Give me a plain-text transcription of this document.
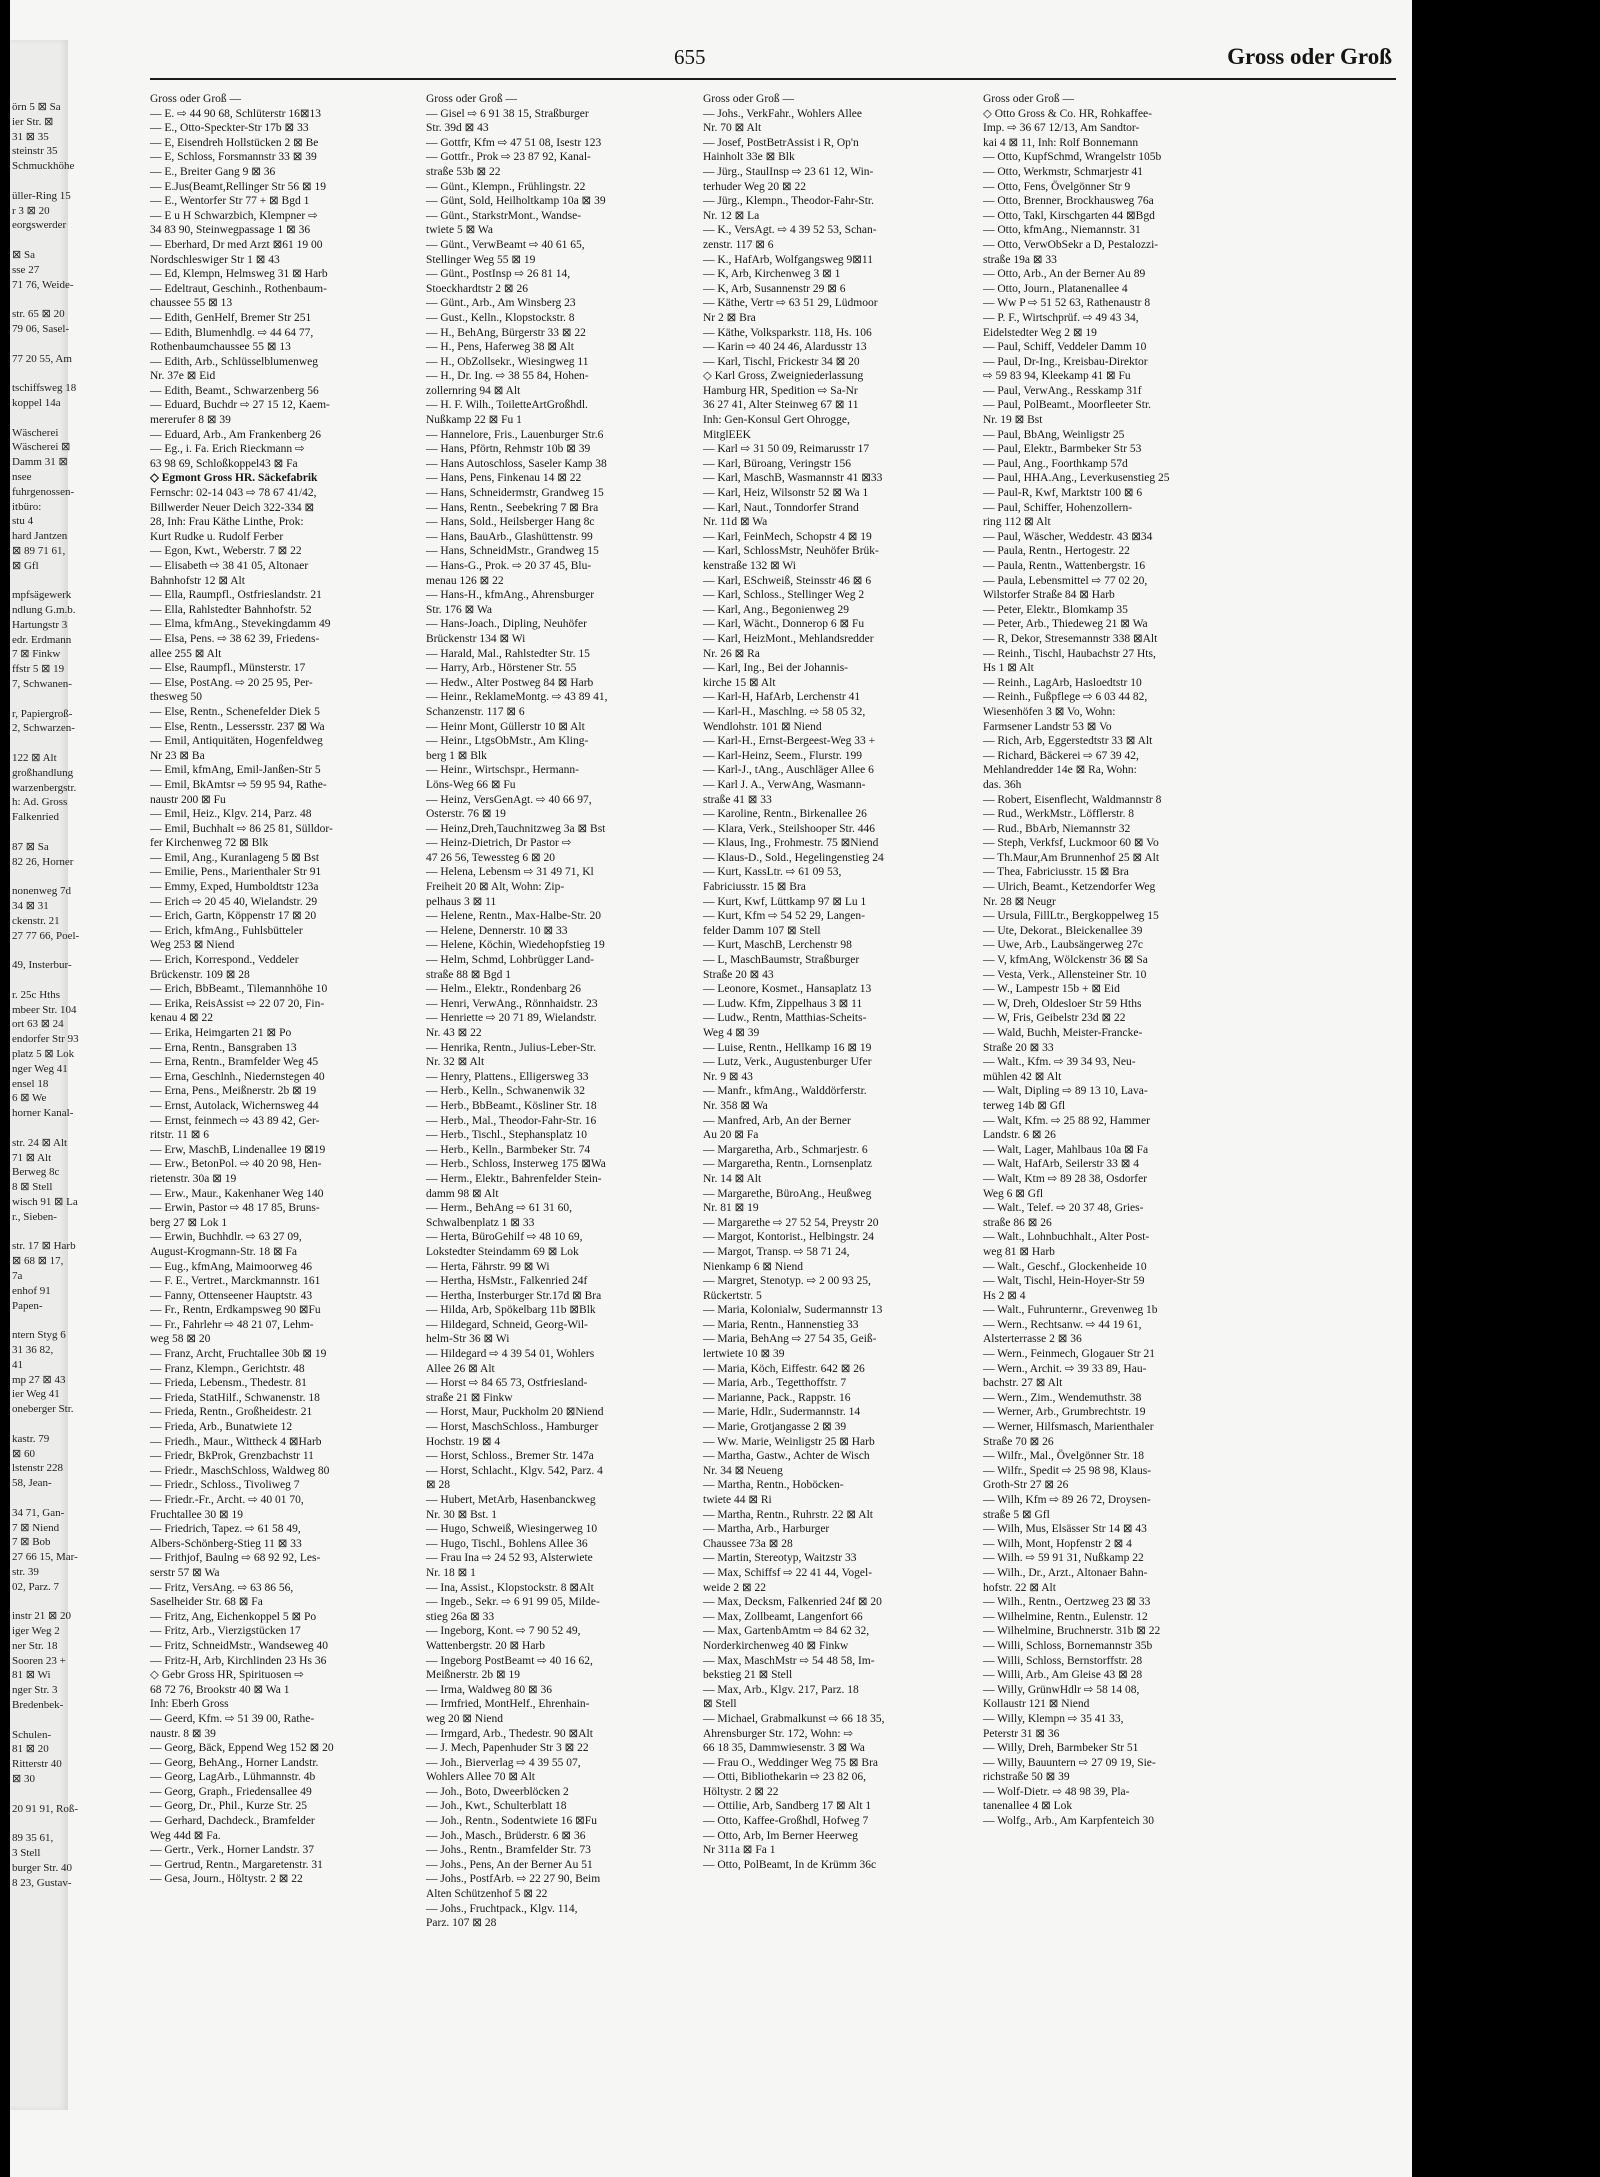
örn 5 ⊠ Sa
ier Str. ⊠
31 ⊠ 35
steinstr 35
Schmuckhöhe
üller-Ring 15
r 3 ⊠ 20
eorgswerder
⊠ Sa
sse 27
71 76, Weide-
str. 65 ⊠ 20
79 06, Sasel-
77 20 55, Am
tschiffsweg 18
koppel 14a
Wäscherei
Wäscherei ⊠
Damm 31 ⊠
nsee
fuhrgenossen-
itbüro:
stu 4
hard Jantzen
⊠ 89 71 61,
⊠ Gfl
mpfsägewerk
ndlung G.m.b.
Hartungstr 3
edr. Erdmann
7 ⊠ Finkw
ffstr 5 ⊠ 19
7, Schwanen-
r, Papiergroß-
2, Schwarzen-
122 ⊠ Alt
großhandlung
warzenbergstr.
h: Ad. Gross
Falkenried
87 ⊠ Sa
82 26, Horner
nonenweg 7d
34 ⊠ 31
ckenstr. 21
27 77 66, Poel-
49, Insterbur-
r. 25c Hths
mbeer Str. 104
ort 63 ⊠ 24
endorfer Str 93
platz 5 ⊠ Lok
nger Weg 41
ensel 18
6 ⊠ We
horner Kanal-
str. 24 ⊠ Alt
71 ⊠ Alt
Berweg 8c
8 ⊠ Stell
wisch 91 ⊠ La
r., Sieben-
str. 17 ⊠ Harb
⊠ 68 ⊠ 17,
7a
enhof 91
Papen-
ntern Styg 6
31 36 82,
41
mp 27 ⊠ 43
ier Weg 41
oneberger Str.
kastr. 79
⊠ 60
lstenstr 228
58, Jean-
34 71, Gan-
7 ⊠ Niend
7 ⊠ Bob
27 66 15, Mar-
str. 39
02, Parz. 7
instr 21 ⊠ 20
iger Weg 2
ner Str. 18
Sooren 23 +
81 ⊠ Wi
nger Str. 3
Bredenbek-
Schulen-
81 ⊠ 20
Ritterstr 40
⊠ 30
20 91 91, Roß-
89 35 61,
3 Stell
burger Str. 40
8 23, Gustav-
655	Gross oder Groß
Gross oder Groß —
— E. ⇨ 44 90 68, Schlüterstr 16⊠13
— E., Otto-Speckter-Str 17b ⊠ 33
— E, Eisendreh Hollstücken 2 ⊠ Be
— E, Schloss, Forsmannstr 33 ⊠ 39
— E., Breiter Gang 9 ⊠ 36
— E.Jus(Beamt,Rellinger Str 56 ⊠ 19
— E., Wentorfer Str 77 + ⊠ Bgd 1
— E u H Schwarzbich, Klempner ⇨
34 83 90, Steinwegpassage 1 ⊠ 36
— Eberhard, Dr med Arzt ⊠61 19 00
Nordschleswiger Str 1 ⊠ 43
— Ed, Klempn, Helmsweg 31 ⊠ Harb
— Edeltraut, Geschinh., Rothenbaum-
chaussee 55 ⊠ 13
— Edith, GenHelf, Bremer Str 251
— Edith, Blumenhdlg. ⇨ 44 64 77,
Rothenbaumchaussee 55 ⊠ 13
— Edith, Arb., Schlüsselblumenweg
Nr. 37e ⊠ Eid
— Edith, Beamt., Schwarzenberg 56
— Eduard, Buchdr ⇨ 27 15 12, Kaem-
mererufer 8 ⊠ 39
— Eduard, Arb., Am Frankenberg 26
— Eg., i. Fa. Erich Rieckmann ⇨
63 98 69, Schloßkoppel43 ⊠ Fa
◇ Egmont Gross HR. Säckefabrik
Fernschr: 02-14 043 ⇨ 78 67 41/42,
Billwerder Neuer Deich 322-334 ⊠
28, Inh: Frau Käthe Linthe, Prok:
Kurt Rudke u. Rudolf Ferber
— Egon, Kwt., Weberstr. 7 ⊠ 22
— Elisabeth ⇨ 38 41 05, Altonaer
Bahnhofstr 12 ⊠ Alt
— Ella, Raumpfl., Ostfrieslandstr. 21
— Ella, Rahlstedter Bahnhofstr. 52
— Elma, kfmAng., Stevekingdamm 49
— Elsa, Pens. ⇨ 38 62 39, Friedens-
allee 255 ⊠ Alt
— Else, Raumpfl., Münsterstr. 17
— Else, PostAng. ⇨ 20 25 95, Per-
thesweg 50
— Else, Rentn., Schenefelder Diek 5
— Else, Rentn., Lessersstr. 237 ⊠ Wa
— Emil, Antiquitäten, Hogenfeldweg
Nr 23 ⊠ Ba
— Emil, kfmAng, Emil-Janßen-Str 5
— Emil, BkAmtsr ⇨ 59 95 94, Rathe-
naustr 200 ⊠ Fu
— Emil, Heiz., Klgv. 214, Parz. 48
— Emil, Buchhalt ⇨ 86 25 81, Sülldor-
fer Kirchenweg 72 ⊠ Blk
— Emil, Ang., Kuranlageng 5 ⊠ Bst
— Emilie, Pens., Marienthaler Str 91
— Emmy, Exped, Humboldtstr 123a
— Erich ⇨ 20 45 40, Wielandstr. 29
— Erich, Gartn, Köppenstr 17 ⊠ 20
— Erich, kfmAng., Fuhlsbütteler
Weg 253 ⊠ Niend
— Erich, Korrespond., Veddeler
Brückenstr. 109 ⊠ 28
— Erich, BbBeamt., Tilemannhöhe 10
— Erika, ReisAssist ⇨ 22 07 20, Fin-
kenau 4 ⊠ 22
— Erika, Heimgarten 21 ⊠ Po
— Erna, Rentn., Bansgraben 13
— Erna, Rentn., Bramfelder Weg 45
— Erna, Geschlnh., Niedernstegen 40
— Erna, Pens., Meißnerstr. 2b ⊠ 19
— Ernst, Autolack, Wichernsweg 44
— Ernst, feinmech ⇨ 43 89 42, Ger-
ritstr. 11 ⊠ 6
— Erw, MaschB, Lindenallee 19 ⊠19
— Erw., BetonPol. ⇨ 40 20 98, Hen-
rietenstr. 30a ⊠ 19
— Erw., Maur., Kakenhaner Weg 140
— Erwin, Pastor ⇨ 48 17 85, Bruns-
berg 27 ⊠ Lok 1
— Erwin, Buchhdlr. ⇨ 63 27 09,
August-Krogmann-Str. 18 ⊠ Fa
— Eug., kfmAng, Maimoorweg 46
— F. E., Vertret., Marckmannstr. 161
— Fanny, Ottenseener Hauptstr. 43
— Fr., Rentn, Erdkampsweg 90 ⊠Fu
— Fr., Fahrlehr ⇨ 48 21 07, Lehm-
weg 58 ⊠ 20
— Franz, Archt, Fruchtallee 30b ⊠ 19
— Franz, Klempn., Gerichtstr. 48
— Frieda, Lebensm., Thedestr. 81
— Frieda, StatHilf., Schwanenstr. 18
— Frieda, Rentn., Großheidestr. 21
— Frieda, Arb., Bunatwiete 12
— Friedh., Maur., Wittheck 4 ⊠Harb
— Friedr, BkProk, Grenzbachstr 11
— Friedr., MaschSchloss, Waldweg 80
— Friedr., Schloss., Tivoliweg 7
— Friedr.-Fr., Archt. ⇨ 40 01 70,
Fruchtallee 30 ⊠ 19
— Friedrich, Tapez. ⇨ 61 58 49,
Albers-Schönberg-Stieg 11 ⊠ 33
— Frithjof, Baulng ⇨ 68 92 92, Les-
serstr 57 ⊠ Wa
— Fritz, VersAng. ⇨ 63 86 56,
Saselheider Str. 68 ⊠ Fa
— Fritz, Ang, Eichenkoppel 5 ⊠ Po
— Fritz, Arb., Vierzigstücken 17
— Fritz, SchneidMstr., Wandseweg 40
— Fritz-H, Arb, Kirchlinden 23 Hs 36
◇ Gebr Gross HR, Spirituosen ⇨
68 72 76, Brookstr 40 ⊠ Wa 1
Inh: Eberh Gross
— Geerd, Kfm. ⇨ 51 39 00, Rathe-
naustr. 8 ⊠ 39
— Georg, Bäck, Eppend Weg 152 ⊠ 20
— Georg, BehAng., Horner Landstr.
— Georg, LagArb., Lühmannstr. 4b
— Georg, Graph., Friedensallee 49
— Georg, Dr., Phil., Kurze Str. 25
— Gerhard, Dachdeck., Bramfelder
Weg 44d ⊠ Fa.
— Gertr., Verk., Horner Landstr. 37
— Gertrud, Rentn., Margaretenstr. 31
— Gesa, Journ., Höltystr. 2 ⊠ 22
Gross oder Groß —
— Gisel ⇨ 6 91 38 15, Straßburger
Str. 39d ⊠ 43
— Gottfr, Kfm ⇨ 47 51 08, Isestr 123
— Gottfr., Prok ⇨ 23 87 92, Kanal-
straße 53b ⊠ 22
— Günt., Klempn., Frühlingstr. 22
— Günt, Sold, Heilholtkamp 10a ⊠ 39
— Günt., StarkstrMont., Wandse-
twiete 5 ⊠ Wa
— Günt., VerwBeamt ⇨ 40 61 65,
Stellinger Weg 55 ⊠ 19
— Günt., PostInsp ⇨ 26 81 14,
Stoeckhardtstr 2 ⊠ 26
— Günt., Arb., Am Winsberg 23
— Gust., Kelln., Klopstockstr. 8
— H., BehAng, Bürgerstr 33 ⊠ 22
— H., Pens, Haferweg 38 ⊠ Alt
— H., ObZollsekr., Wiesingweg 11
— H., Dr. Ing. ⇨ 38 55 84, Hohen-
zollernring 94 ⊠ Alt
— H. F. Wilh., ToiletteArtGroßhdl.
Nußkamp 22 ⊠ Fu 1
— Hannelore, Fris., Lauenburger Str.6
— Hans, Pförtn, Rehmstr 10b ⊠ 39
— Hans Autoschloss, Saseler Kamp 38
— Hans, Pens, Finkenau 14 ⊠ 22
— Hans, Schneidermstr, Grandweg 15
— Hans, Rentn., Seebekring 7 ⊠ Bra
— Hans, Sold., Heilsberger Hang 8c
— Hans, BauArb., Glashüttenstr. 99
— Hans, SchneidMstr., Grandweg 15
— Hans-G., Prok. ⇨ 20 37 45, Blu-
menau 126 ⊠ 22
— Hans-H., kfmAng., Ahrensburger
Str. 176 ⊠ Wa
— Hans-Joach., Dipling, Neuhöfer
Brückenstr 134 ⊠ Wi
— Harald, Mal., Rahlstedter Str. 15
— Harry, Arb., Hörstener Str. 55
— Hedw., Alter Postweg 84 ⊠ Harb
— Heinr., ReklameMontg. ⇨ 43 89 41,
Schanzenstr. 117 ⊠ 6
— Heinr Mont, Güllerstr 10 ⊠ Alt
— Heinr., LtgsObMstr., Am Kling-
berg 1 ⊠ Blk
— Heinr., Wirtschspr., Hermann-
Löns-Weg 66 ⊠ Fu
— Heinz, VersGenAgt. ⇨ 40 66 97,
Osterstr. 76 ⊠ 19
— Heinz,Dreh,Tauchnitzweg 3a ⊠ Bst
— Heinz-Dietrich, Dr Pastor ⇨
47 26 56, Tewessteg 6 ⊠ 20
— Helena, Lebensm ⇨ 31 49 71, Kl
Freiheit 20 ⊠ Alt, Wohn: Zip-
pelhaus 3 ⊠ 11
— Helene, Rentn., Max-Halbe-Str. 20
— Helene, Dennerstr. 10 ⊠ 33
— Helene, Köchin, Wiedehopfstieg 19
— Helm, Schmd, Lohbrügger Land-
straße 88 ⊠ Bgd 1
— Helm., Elektr., Rondenbarg 26
— Henri, VerwAng., Rönnhaidstr. 23
— Henriette ⇨ 20 71 89, Wielandstr.
Nr. 43 ⊠ 22
— Henrika, Rentn., Julius-Leber-Str.
Nr. 32 ⊠ Alt
— Henry, Plattens., Elligersweg 33
— Herb., Kelln., Schwanenwik 32
— Herb., BbBeamt., Kösliner Str. 18
— Herb., Mal., Theodor-Fahr-Str. 16
— Herb., Tischl., Stephansplatz 10
— Herb., Kelln., Barmbeker Str. 74
— Herb., Schloss, Insterweg 175 ⊠Wa
— Herm., Elektr., Bahrenfelder Stein-
damm 98 ⊠ Alt
— Herm., BehAng ⇨ 61 31 60,
Schwalbenplatz 1 ⊠ 33
— Herta, BüroGehilf ⇨ 48 10 69,
Lokstedter Steindamm 69 ⊠ Lok
— Herta, Fährstr. 99 ⊠ Wi
— Hertha, HsMstr., Falkenried 24f
— Hertha, Insterburger Str.17d ⊠ Bra
— Hilda, Arb, Spökelbarg 11b ⊠Blk
— Hildegard, Schneid, Georg-Wil-
helm-Str 36 ⊠ Wi
— Hildegard ⇨ 4 39 54 01, Wohlers
Allee 26 ⊠ Alt
— Horst ⇨ 84 65 73, Ostfriesland-
straße 21 ⊠ Finkw
— Horst, Maur, Puckholm 20 ⊠Niend
— Horst, MaschSchloss., Hamburger
Hochstr. 19 ⊠ 4
— Horst, Schloss., Bremer Str. 147a
— Horst, Schlacht., Klgv. 542, Parz. 4
⊠ 28
— Hubert, MetArb, Hasenbanckweg
Nr. 30 ⊠ Bst. 1
— Hugo, Schweiß, Wiesingerweg 10
— Hugo, Tischl., Bohlens Allee 36
— Frau Ina ⇨ 24 52 93, Alsterwiete
Nr. 18 ⊠ 1
— Ina, Assist., Klopstockstr. 8 ⊠Alt
— Ingeb., Sekr. ⇨ 6 91 99 05, Milde-
stieg 26a ⊠ 33
— Ingeborg, Kont. ⇨ 7 90 52 49,
Wattenbergstr. 20 ⊠ Harb
— Ingeborg PostBeamt ⇨ 40 16 62,
Meißnerstr. 2b ⊠ 19
— Irma, Waldweg 80 ⊠ 36
— Irmfried, MontHelf., Ehrenhain-
weg 20 ⊠ Niend
— Irmgard, Arb., Thedestr. 90 ⊠Alt
— J. Mech, Papenhuder Str 3 ⊠ 22
— Joh., Bierverlag ⇨ 4 39 55 07,
Wohlers Allee 70 ⊠ Alt
— Joh., Boto, Dweerblöcken 2
— Joh., Kwt., Schulterblatt 18
— Joh., Rentn., Sodentwiete 16 ⊠Fu
— Joh., Masch., Brüderstr. 6 ⊠ 36
— Johs., Rentn., Bramfelder Str. 73
— Johs., Pens, An der Berner Au 51
— Johs., PostfArb. ⇨ 22 27 90, Beim
Alten Schützenhof 5 ⊠ 22
— Johs., Fruchtpack., Klgv. 114,
Parz. 107 ⊠ 28
Gross oder Groß —
— Johs., VerkFahr., Wohlers Allee
Nr. 70 ⊠ Alt
— Josef, PostBetrAssist i R, Op'n
Hainholt 33e ⊠ Blk
— Jürg., StaulInsp ⇨ 23 61 12, Win-
terhuder Weg 20 ⊠ 22
— Jürg., Klempn., Theodor-Fahr-Str.
Nr. 12 ⊠ La
— K., VersAgt. ⇨ 4 39 52 53, Schan-
zenstr. 117 ⊠ 6
— K., HafArb, Wolfgangsweg 9⊠11
— K, Arb, Kirchenweg 3 ⊠ 1
— K, Arb, Susannenstr 29 ⊠ 6
— Käthe, Vertr ⇨ 63 51 29, Lüdmoor
Nr 2 ⊠ Bra
— Käthe, Volksparkstr. 118, Hs. 106
— Karin ⇨ 40 24 46, Alardusstr 13
— Karl, Tischl, Frickestr 34 ⊠ 20
◇ Karl Gross, Zweigniederlassung
Hamburg HR, Spedition ⇨ Sa-Nr
36 27 41, Alter Steinweg 67 ⊠ 11
Inh: Gen-Konsul Gert Ohrogge,
MitglEEK
— Karl ⇨ 31 50 09, Reimarusstr 17
— Karl, Büroang, Veringstr 156
— Karl, MaschB, Wasmannstr 41 ⊠33
— Karl, Heiz, Wilsonstr 52 ⊠ Wa 1
— Karl, Naut., Tonndorfer Strand
Nr. 11d ⊠ Wa
— Karl, FeinMech, Schopstr 4 ⊠ 19
— Karl, SchlossMstr, Neuhöfer Brük-
kenstraße 132 ⊠ Wi
— Karl, ESchweiß, Steinsstr 46 ⊠ 6
— Karl, Schloss., Stellinger Weg 2
— Karl, Ang., Begonienweg 29
— Karl, Wächt., Donnerop 6 ⊠ Fu
— Karl, HeizMont., Mehlandsredder
Nr. 26 ⊠ Ra
— Karl, Ing., Bei der Johannis-
kirche 15 ⊠ Alt
— Karl-H, HafArb, Lerchenstr 41
— Karl-H., Maschlng. ⇨ 58 05 32,
Wendlohstr. 101 ⊠ Niend
— Karl-H., Ernst-Bergeest-Weg 33 +
— Karl-Heinz, Seem., Flurstr. 199
— Karl-J., tAng., Auschläger Allee 6
— Karl J. A., VerwAng, Wasmann-
straße 41 ⊠ 33
— Karoline, Rentn., Birkenallee 26
— Klara, Verk., Steilshooper Str. 446
— Klaus, Ing., Frohmestr. 75 ⊠Niend
— Klaus-D., Sold., Hegelingenstieg 24
— Kurt, KassLtr. ⇨ 61 09 53,
Fabriciusstr. 15 ⊠ Bra
— Kurt, Kwf, Lüttkamp 97 ⊠ Lu 1
— Kurt, Kfm ⇨ 54 52 29, Langen-
felder Damm 107 ⊠ Stell
— Kurt, MaschB, Lerchenstr 98
— L, MaschBaumstr, Straßburger
Straße 20 ⊠ 43
— Leonore, Kosmet., Hansaplatz 13
— Ludw. Kfm, Zippelhaus 3 ⊠ 11
— Ludw., Rentn, Matthias-Scheits-
Weg 4 ⊠ 39
— Luise, Rentn., Hellkamp 16 ⊠ 19
— Lutz, Verk., Augustenburger Ufer
Nr. 9 ⊠ 43
— Manfr., kfmAng., Walddörferstr.
Nr. 358 ⊠ Wa
— Manfred, Arb, An der Berner
Au 20 ⊠ Fa
— Margaretha, Arb., Schmarjestr. 6
— Margaretha, Rentn., Lornsenplatz
Nr. 14 ⊠ Alt
— Margarethe, BüroAng., Heußweg
Nr. 81 ⊠ 19
— Margarethe ⇨ 27 52 54, Preystr 20
— Margot, Kontorist., Helbingstr. 24
— Margot, Transp. ⇨ 58 71 24,
Nienkamp 6 ⊠ Niend
— Margret, Stenotyp. ⇨ 2 00 93 25,
Rückertstr. 5
— Maria, Kolonialw, Sudermannstr 13
— Maria, Rentn., Hannenstieg 33
— Maria, BehAng ⇨ 27 54 35, Geiß-
lertwiete 10 ⊠ 39
— Maria, Köch, Eiffestr. 642 ⊠ 26
— Maria, Arb., Tegetthoffstr. 7
— Marianne, Pack., Rappstr. 16
— Marie, Hdlr., Sudermannstr. 14
— Marie, Grotjangasse 2 ⊠ 39
— Ww. Marie, Weinligstr 25 ⊠ Harb
— Martha, Gastw., Achter de Wisch
Nr. 34 ⊠ Neueng
— Martha, Rentn., Hoböcken-
twiete 44 ⊠ Ri
— Martha, Rentn., Ruhrstr. 22 ⊠ Alt
— Martha, Arb., Harburger
Chaussee 73a ⊠ 28
— Martin, Stereotyp, Waitzstr 33
— Max, Schiffsf ⇨ 22 41 44, Vogel-
weide 2 ⊠ 22
— Max, Decksm, Falkenried 24f ⊠ 20
— Max, Zollbeamt, Langenfort 66
— Max, GartenbAmtm ⇨ 84 62 32,
Norderkirchenweg 40 ⊠ Finkw
— Max, MaschMstr ⇨ 54 48 58, Im-
bekstieg 21 ⊠ Stell
— Max, Arb., Klgv. 217, Parz. 18
⊠ Stell
— Michael, Grabmalkunst ⇨ 66 18 35,
Ahrensburger Str. 172, Wohn: ⇨
66 18 35, Dammwiesenstr. 3 ⊠ Wa
— Frau O., Weddinger Weg 75 ⊠ Bra
— Otti, Bibliothekarin ⇨ 23 82 06,
Höltystr. 2 ⊠ 22
— Ottilie, Arb, Sandberg 17 ⊠ Alt 1
— Otto, Kaffee-Großhdl, Hofweg 7
— Otto, Arb, Im Berner Heerweg
Nr 311a ⊠ Fa 1
— Otto, PolBeamt, In de Krümm 36c
Gross oder Groß —
◇ Otto Gross & Co. HR, Rohkaffee-
Imp. ⇨ 36 67 12/13, Am Sandtor-
kai 4 ⊠ 11, Inh: Rolf Bonnemann
— Otto, KupfSchmd, Wrangelstr 105b
— Otto, Werkmstr, Schmarjestr 41
— Otto, Fens, Övelgönner Str 9
— Otto, Brenner, Brockhausweg 76a
— Otto, Takl, Kirschgarten 44 ⊠Bgd
— Otto, kfmAng., Niemannstr. 31
— Otto, VerwObSekr a D, Pestalozzi-
straße 19a ⊠ 33
— Otto, Arb., An der Berner Au 89
— Otto, Journ., Platanenallee 4
— Ww P ⇨ 51 52 63, Rathenaustr 8
— P. F., Wirtschprüf. ⇨ 49 43 34,
Eidelstedter Weg 2 ⊠ 19
— Paul, Schiff, Veddeler Damm 10
— Paul, Dr-Ing., Kreisbau-Direktor
⇨ 59 83 94, Kleekamp 41 ⊠ Fu
— Paul, VerwAng., Resskamp 31f
— Paul, PolBeamt., Moorfleeter Str.
Nr. 19 ⊠ Bst
— Paul, BbAng, Weinligstr 25
— Paul, Elektr., Barmbeker Str 53
— Paul, Ang., Foorthkamp 57d
— Paul, HHA.Ang., Leverkusenstieg 25
— Paul-R, Kwf, Marktstr 100 ⊠ 6
— Paul, Schiffer, Hohenzollern-
ring 112 ⊠ Alt
— Paul, Wäscher, Weddestr. 43 ⊠34
— Paula, Rentn., Hertogestr. 22
— Paula, Rentn., Wattenbergstr. 16
— Paula, Lebensmittel ⇨ 77 02 20,
Wilstorfer Straße 84 ⊠ Harb
— Peter, Elektr., Blomkamp 35
— Peter, Arb., Thiedeweg 21 ⊠ Wa
— R, Dekor, Stresemannstr 338 ⊠Alt
— Reinh., Tischl, Haubachstr 27 Hts,
Hs 1 ⊠ Alt
— Reinh., LagArb, Hasloedtstr 10
— Reinh., Fußpflege ⇨ 6 03 44 82,
Wiesenhöfen 3 ⊠ Vo, Wohn:
Farmsener Landstr 53 ⊠ Vo
— Rich, Arb, Eggerstedtstr 33 ⊠ Alt
— Richard, Bäckerei ⇨ 67 39 42,
Mehlandredder 14e ⊠ Ra, Wohn:
das. 36h
— Robert, Eisenflecht, Waldmannstr 8
— Rud., WerkMstr., Löfflerstr. 8
— Rud., BbArb, Niemannstr 32
— Steph, Verkfsf, Luckmoor 60 ⊠ Vo
— Th.Maur,Am Brunnenhof 25 ⊠ Alt
— Thea, Fabriciusstr. 15 ⊠ Bra
— Ulrich, Beamt., Ketzendorfer Weg
Nr. 28 ⊠ Neugr
— Ursula, FillLtr., Bergkoppelweg 15
— Ute, Dekorat., Bleickenallee 39
— Uwe, Arb., Laubsängerweg 27c
— V, kfmAng, Wölckenstr 36 ⊠ Sa
— Vesta, Verk., Allensteiner Str. 10
— W., Lampestr 15b + ⊠ Eid
— W, Dreh, Oldesloer Str 59 Hths
— W, Fris, Geibelstr 23d ⊠ 22
— Wald, Buchh, Meister-Francke-
Straße 20 ⊠ 33
— Walt., Kfm. ⇨ 39 34 93, Neu-
mühlen 42 ⊠ Alt
— Walt, Dipling ⇨ 89 13 10, Lava-
terweg 14b ⊠ Gfl
— Walt, Kfm. ⇨ 25 88 92, Hammer
Landstr. 6 ⊠ 26
— Walt, Lager, Mahlbaus 10a ⊠ Fa
— Walt, HafArb, Seilerstr 33 ⊠ 4
— Walt, Ktm ⇨ 89 28 38, Osdorfer
Weg 6 ⊠ Gfl
— Walt., Telef. ⇨ 20 37 48, Gries-
straße 86 ⊠ 26
— Walt., Lohnbuchhalt., Alter Post-
weg 81 ⊠ Harb
— Walt., Geschf., Glockenheide 10
— Walt, Tischl, Hein-Hoyer-Str 59
Hs 2 ⊠ 4
— Walt., Fuhrunternr., Grevenweg 1b
— Wern., Rechtsanw. ⇨ 44 19 61,
Alsterterrasse 2 ⊠ 36
— Wern., Feinmech, Glogauer Str 21
— Wern., Archit. ⇨ 39 33 89, Hau-
bachstr. 27 ⊠ Alt
— Wern., Zim., Wendemuthstr. 38
— Werner, Arb., Grumbrechtstr. 19
— Werner, Hilfsmasch, Marienthaler
Straße 70 ⊠ 26
— Wilfr., Mal., Övelgönner Str. 18
— Wilfr., Spedit ⇨ 25 98 98, Klaus-
Groth-Str 27 ⊠ 26
— Wilh, Kfm ⇨ 89 26 72, Droysen-
straße 5 ⊠ Gfl
— Wilh, Mus, Elsässer Str 14 ⊠ 43
— Wilh, Mont, Hopfenstr 2 ⊠ 4
— Wilh. ⇨ 59 91 31, Nußkamp 22
— Wilh., Dr., Arzt., Altonaer Bahn-
hofstr. 22 ⊠ Alt
— Wilh., Rentn., Oertzweg 23 ⊠ 33
— Wilhelmine, Rentn., Eulenstr. 12
— Wilhelmine, Bruchnerstr. 31b ⊠ 22
— Willi, Schloss, Bornemannstr 35b
— Willi, Schloss, Bernstorffstr. 28
— Willi, Arb., Am Gleise 43 ⊠ 28
— Willy, GrünwHdlr ⇨ 58 14 08,
Kollaustr 121 ⊠ Niend
— Willy, Klempn ⇨ 35 41 33,
Peterstr 31 ⊠ 36
— Willy, Dreh, Barmbeker Str 51
— Willy, Bauuntern ⇨ 27 09 19, Sie-
richstraße 50 ⊠ 39
— Wolf-Dietr. ⇨ 48 98 39, Pla-
tanenallee 4 ⊠ Lok
— Wolfg., Arb., Am Karpfenteich 30
